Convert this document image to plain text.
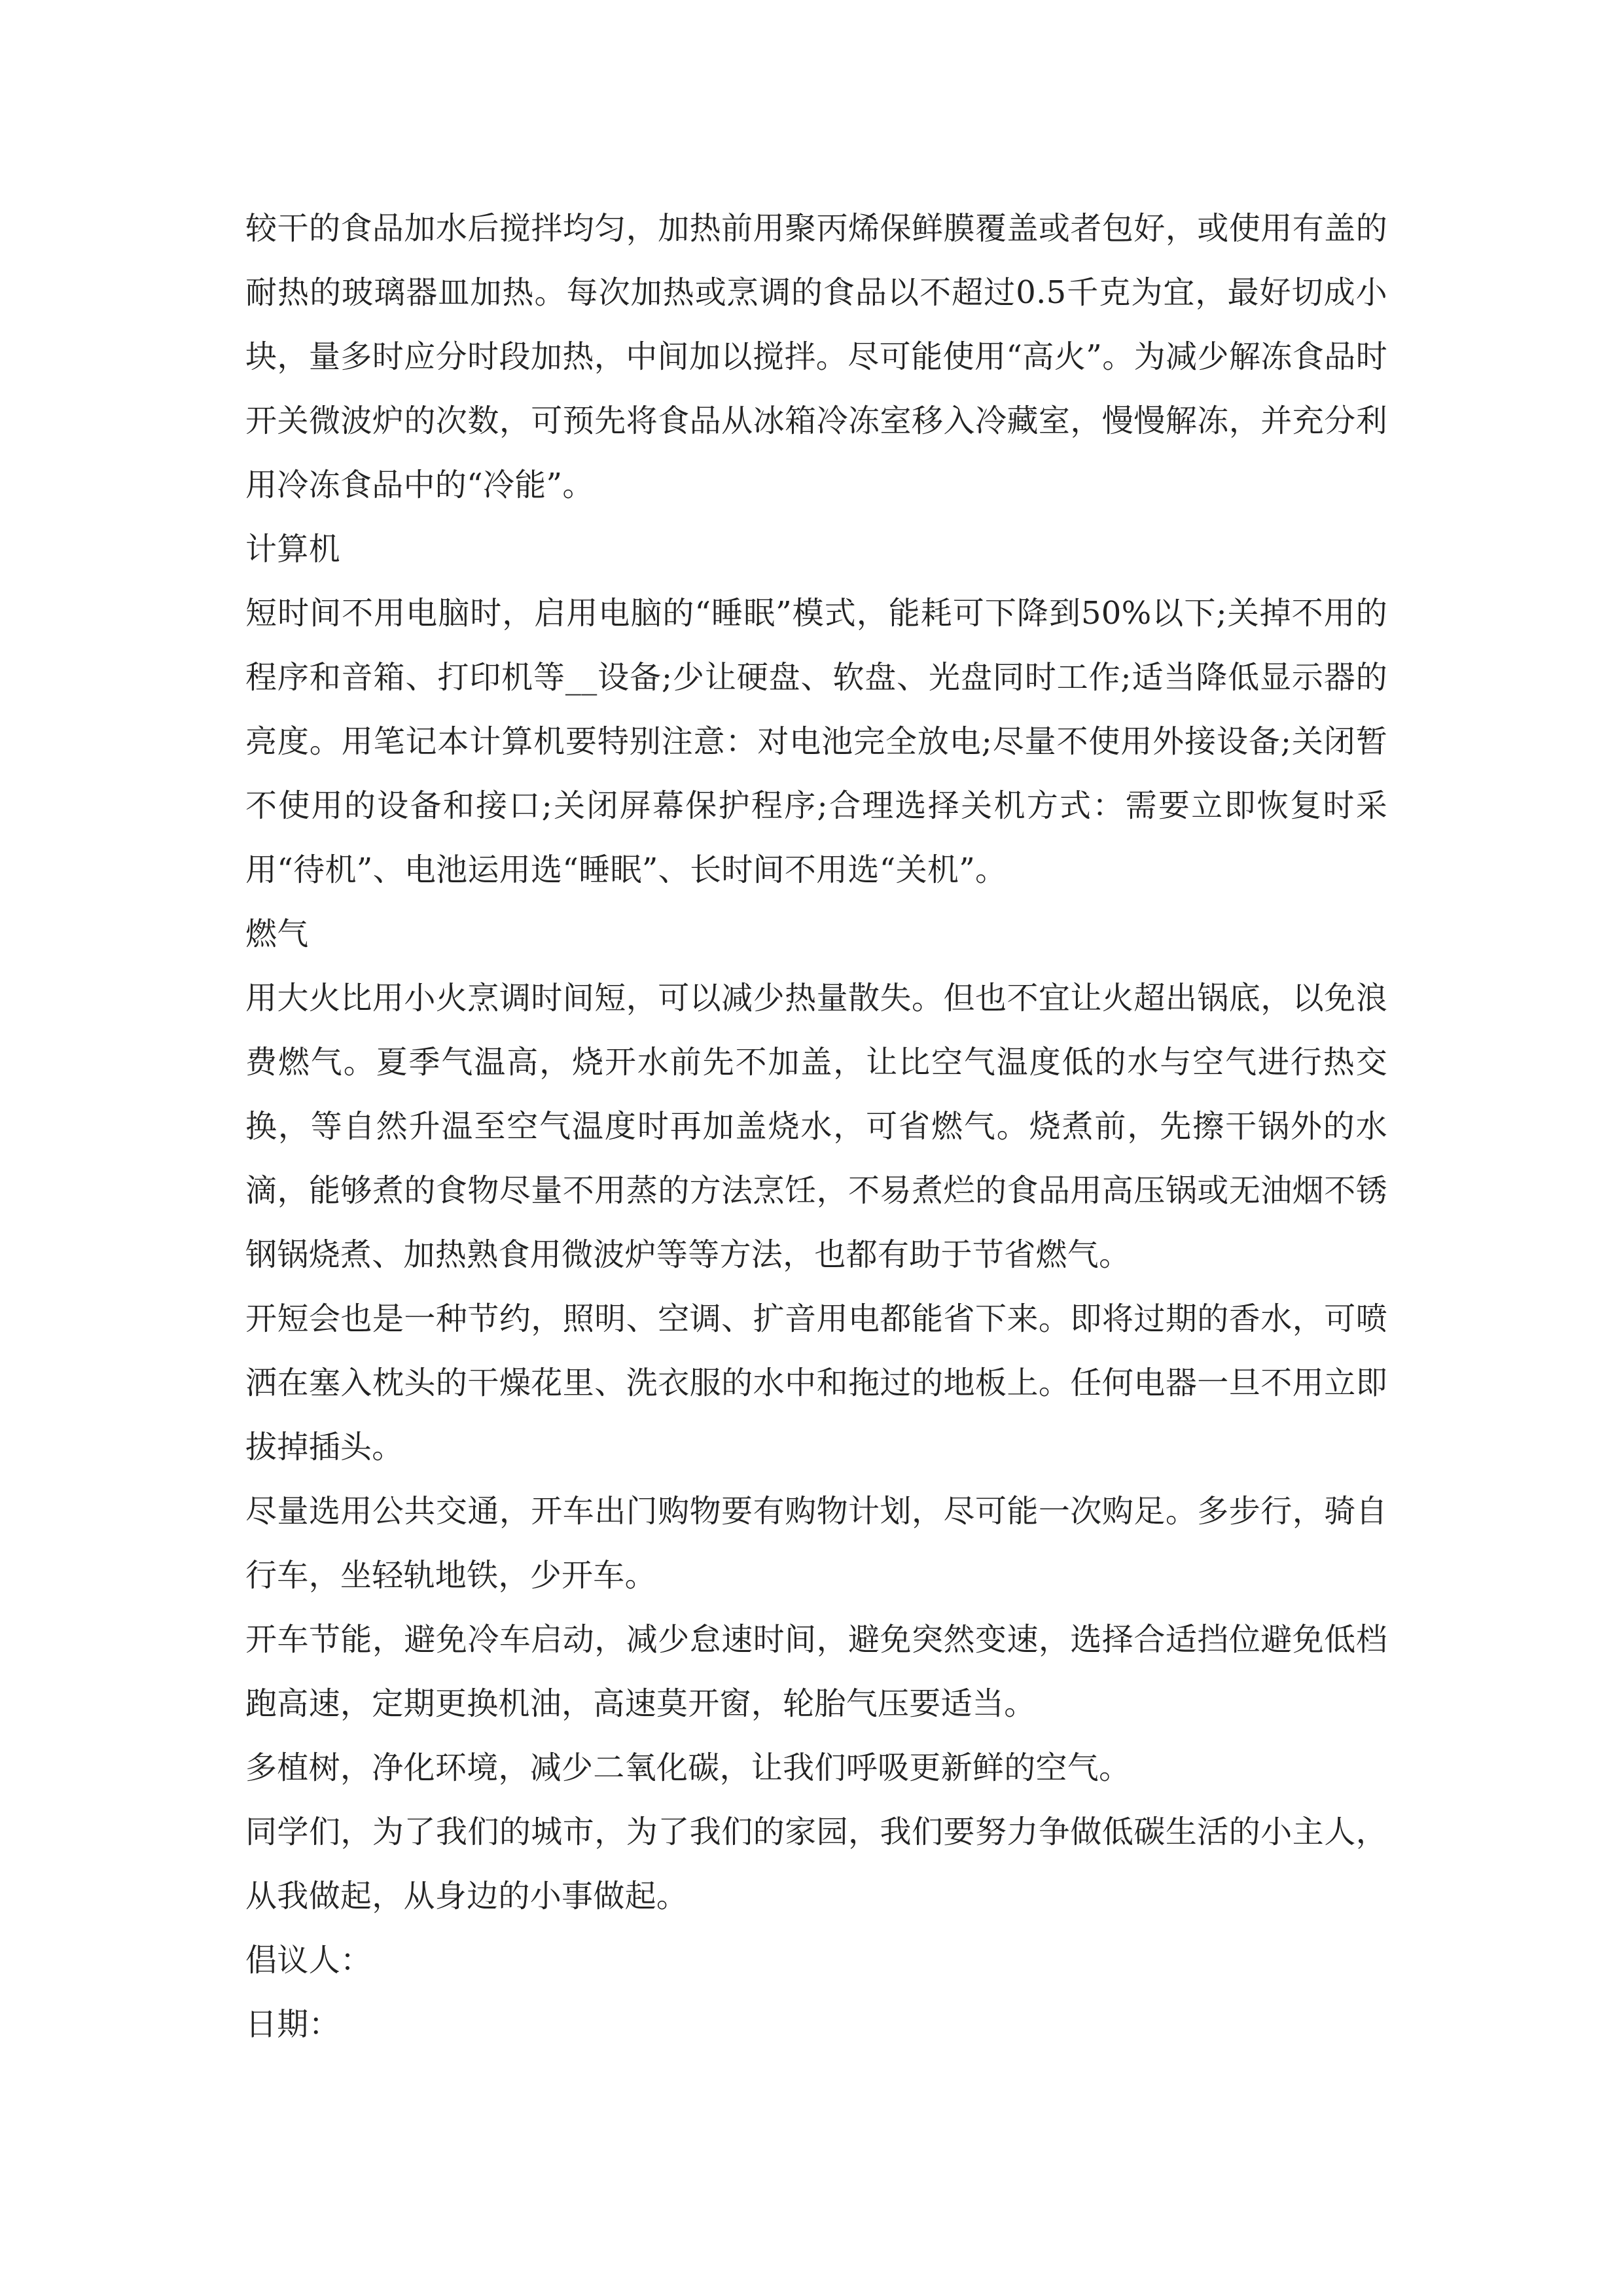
较干的食品加水后搅拌均匀，加热前用聚丙烯保鲜膜覆盖或者包好，或使用有盖的耐热的玻璃器皿加热。每次加热或烹调的食品以不超过0.5千克为宜，最好切成小块，量多时应分时段加热，中间加以搅拌。尽可能使用“高火”。为减少解冻食品时开关微波炉的次数，可预先将食品从冰箱冷冻室移入冷藏室，慢慢解冻，并充分利用冷冻食品中的“冷能”。

计算机

短时间不用电脑时，启用电脑的“睡眠”模式，能耗可下降到50%以下;关掉不用的程序和音箱、打印机等__设备;少让硬盘、软盘、光盘同时工作;适当降低显示器的亮度。用笔记本计算机要特别注意：对电池完全放电;尽量不使用外接设备;关闭暂不使用的设备和接口;关闭屏幕保护程序;合理选择关机方式：需要立即恢复时采用“待机”、电池运用选“睡眠”、长时间不用选“关机”。

燃气

用大火比用小火烹调时间短，可以减少热量散失。但也不宜让火超出锅底，以免浪费燃气。夏季气温高，烧开水前先不加盖，让比空气温度低的水与空气进行热交换，等自然升温至空气温度时再加盖烧水，可省燃气。烧煮前，先擦干锅外的水滴，能够煮的食物尽量不用蒸的方法烹饪，不易煮烂的食品用高压锅或无油烟不锈钢锅烧煮、加热熟食用微波炉等等方法，也都有助于节省燃气。

开短会也是一种节约，照明、空调、扩音用电都能省下来。即将过期的香水，可喷洒在塞入枕头的干燥花里、洗衣服的水中和拖过的地板上。任何电器一旦不用立即拔掉插头。

尽量选用公共交通，开车出门购物要有购物计划，尽可能一次购足。多步行，骑自行车，坐轻轨地铁，少开车。

开车节能，避免冷车启动，减少怠速时间，避免突然变速，选择合适挡位避免低档跑高速，定期更换机油，高速莫开窗，轮胎气压要适当。

多植树，净化环境，减少二氧化碳，让我们呼吸更新鲜的空气。

同学们，为了我们的城市，为了我们的家园，我们要努力争做低碳生活的小主人，从我做起，从身边的小事做起。

倡议人：

日期：
